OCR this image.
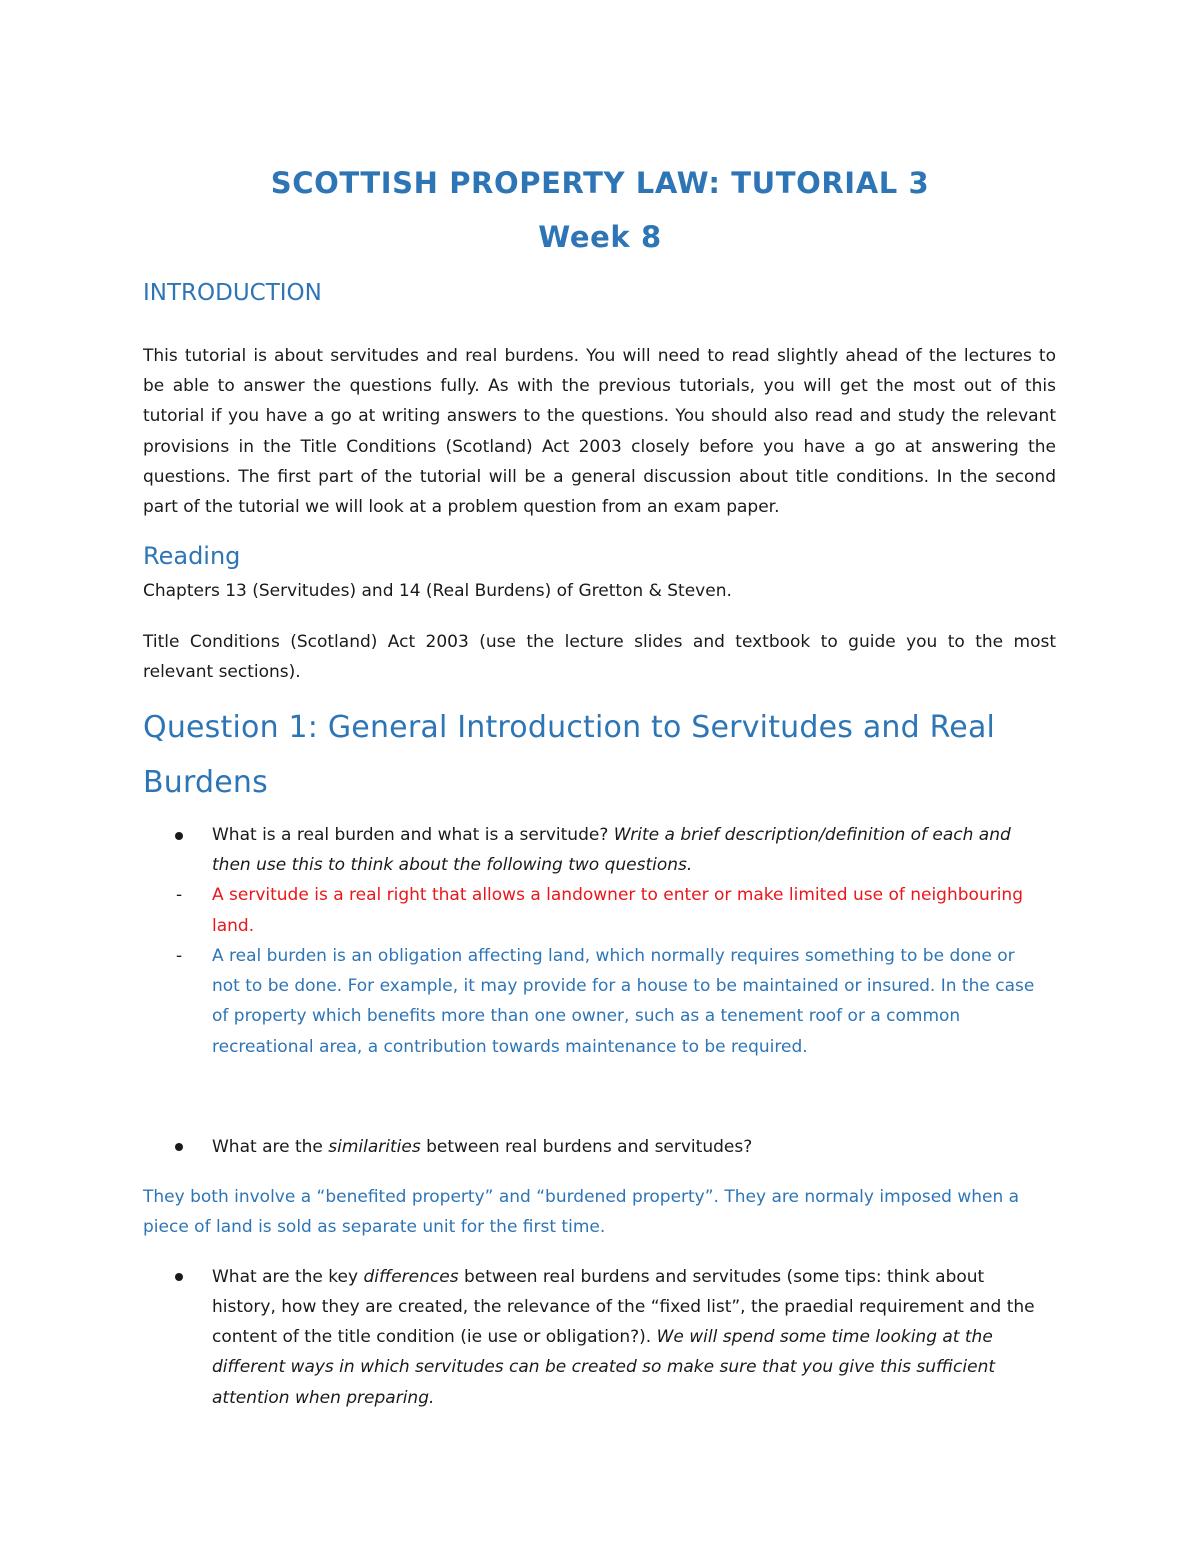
SCOTTISH PROPERTY LAW: TUTORIAL 3
Week 8
INTRODUCTION
This tutorial is about servitudes and real burdens. You will need to read slightly ahead of the lectures to
be able to answer the questions fully. As with the previous tutorials, you will get the most out of this
tutorial if you have a go at writing answers to the questions. You should also read and study the relevant
provisions in the Title Conditions (Scotland) Act 2003 closely before you have a go at answering the
questions. The first part of the tutorial will be a general discussion about title conditions. In the second
part of the tutorial we will look at a problem question from an exam paper.
Reading
Chapters 13 (Servitudes) and 14 (Real Burdens) of Gretton & Steven.
Title Conditions (Scotland) Act 2003 (use the lecture slides and textbook to guide you to the most
relevant sections).
Question 1: General Introduction to Servitudes and Real
Burdens
What is a real burden and what is a servitude? Write a brief description/definition of each and
then use this to think about the following two questions.
- A servitude is a real right that allows a landowner to enter or make limited use of neighbouring
land.
- A real burden is an obligation affecting land, which normally requires something to be done or
not to be done. For example, it may provide for a house to be maintained or insured. In the case
of property which benefits more than one owner, such as a tenement roof or a common
recreational area, a contribution towards maintenance to be required.
What are the similarities between real burdens and servitudes?
They both involve a “benefited property” and “burdened property”. They are normaly imposed when a
piece of land is sold as separate unit for the first time.
What are the key differences between real burdens and servitudes (some tips: think about
history, how they are created, the relevance of the “fixed list”, the praedial requirement and the
content of the title condition (ie use or obligation?). We will spend some time looking at the
different ways in which servitudes can be created so make sure that you give this sufficient
attention when preparing.
